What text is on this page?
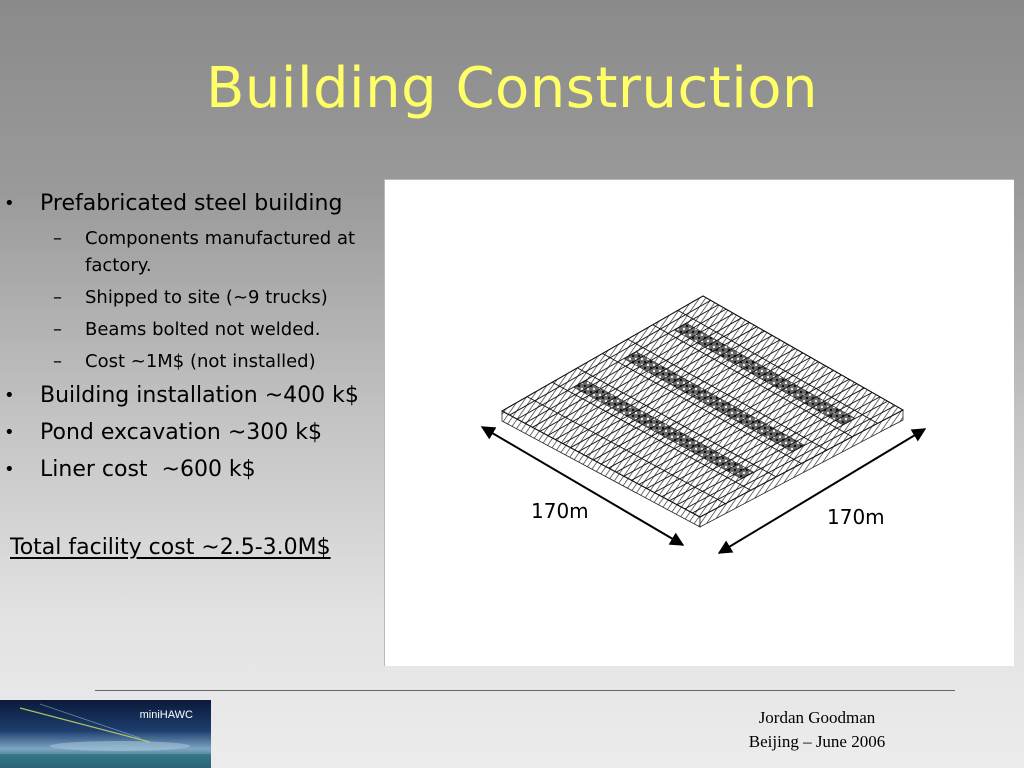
Building Construction
• Prefabricated steel building
– Components manufactured at factory.
– Shipped to site (~9 trucks)
– Beams bolted not welded.
– Cost ~1M$ (not installed)
• Building installation ~400 k$
• Pond excavation ~300 k$
• Liner cost  ~600 k$
Total facility cost ~2.5-3.0M$
170m	170m
miniHAWC	Jordan Goodman
Beijing – June 2006
